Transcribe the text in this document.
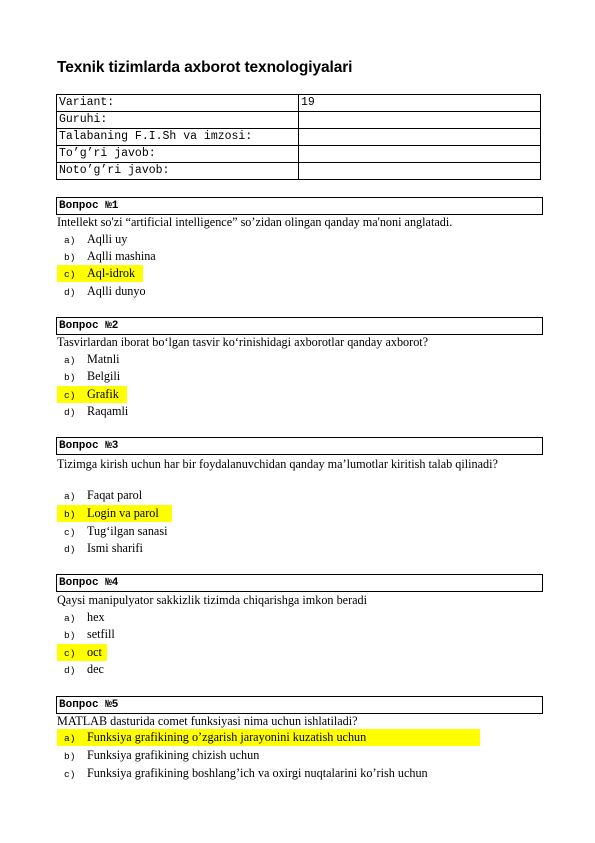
Texnik tizimlarda axborot texnologiyalari
Variant:	19
Guruhi:	
Talabaning F.I.Sh va imzosi:	
To’g’ri javob:	
Noto’g’ri javob:	
Вопрос №1
Intellekt so'zi “artificial intelligence” so’zidan olingan qanday ma'noni anglatadi.
a) Aqlli uy
b) Aqlli mashina
c) Aql-idrok
d) Aqlli dunyo
Вопрос №2
Tasvirlardan iborat bo‘lgan tasvir ko‘rinishidagi axborotlar qanday axborot?
a) Matnli
b) Belgili
c) Grafik
d) Raqamli
Вопрос №3
Tizimga kirish uchun har bir foydalanuvchidan qanday ma’lumotlar kiritish talab qilinadi?
a) Faqat parol
b) Login va parol
c) Tug‘ilgan sanasi
d) Ismi sharifi
Вопрос №4
Qaysi manipulyator sakkizlik tizimda chiqarishga imkon beradi
a) hex
b) setfill
c) oct
d) dec
Вопрос №5
MATLAB dasturida comet funksiyasi nima uchun ishlatiladi?
a) Funksiya grafikining o’zgarish jarayonini kuzatish uchun
b) Funksiya grafikining chizish uchun
c) Funksiya grafikining boshlang’ich va oxirgi nuqtalarini ko’rish uchun
